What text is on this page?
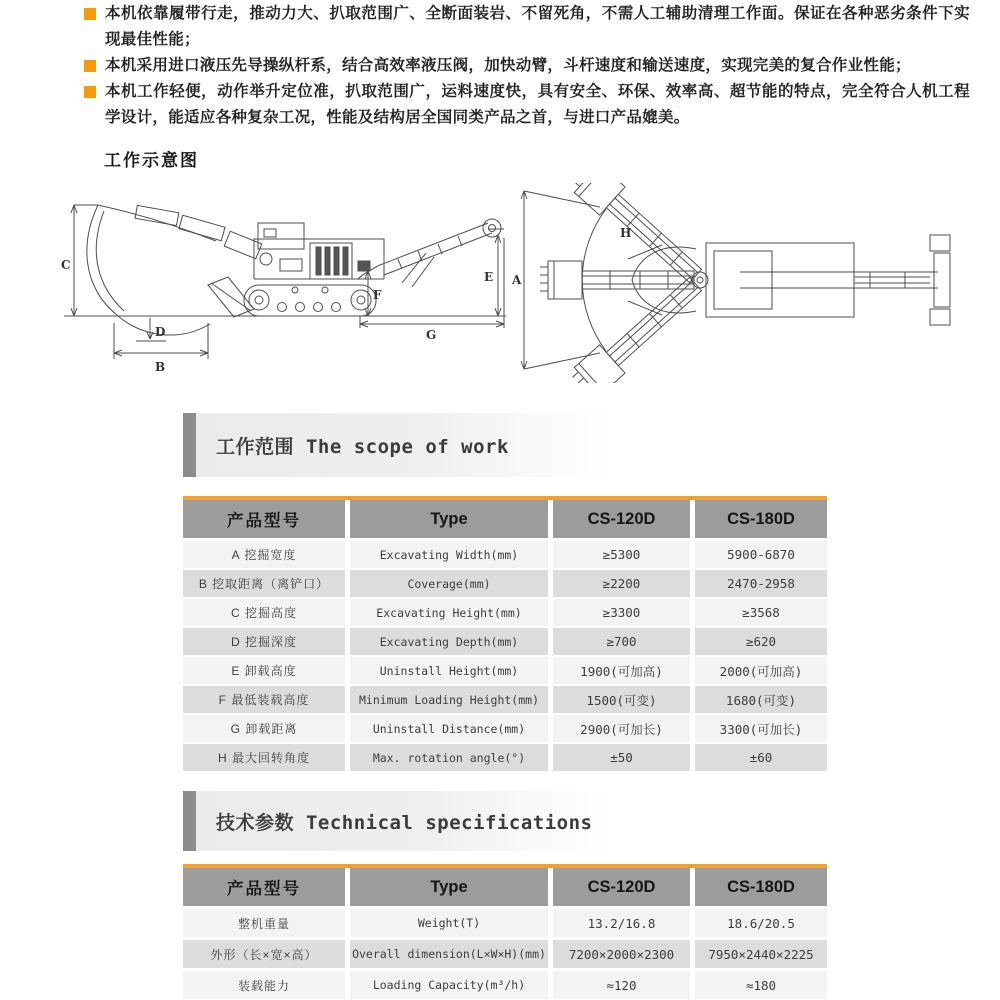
本机依靠履带行走，推动力大、扒取范围广、全断面装岩、不留死角，不需人工辅助清理工作面。保证在各种恶劣条件下实现最佳性能；
本机采用进口液压先导操纵杆系，结合高效率液压阀，加快动臂，斗杆速度和输送速度，实现完美的复合作业性能；
本机工作轻便，动作举升定位准，扒取范围广，运料速度快，具有安全、环保、效率高、超节能的特点，完全符合人机工程学设计，能适应各种复杂工况，性能及结构居全国同类产品之首，与进口产品媲美。
工作示意图
C
D
B
F
E
G
A
H
工作范围 The scope of work
产品型号	Type	CS-120D	CS-180D
A 挖掘宽度	Excavating Width(mm)	≥5300	5900-6870
B 挖取距离（离铲口）	Coverage(mm)	≥2200	2470-2958
C 挖掘高度	Excavating Height(mm)	≥3300	≥3568
D 挖掘深度	Excavating Depth(mm)	≥700	≥620
E 卸载高度	Uninstall Height(mm)	1900(可加高)	2000(可加高)
F 最低装载高度	Minimum Loading Height(mm)	1500(可变)	1680(可变)
G 卸载距离	Uninstall Distance(mm)	2900(可加长)	3300(可加长)
H 最大回转角度	Max. rotation angle(°)	±50	±60
技术参数 Technical specifications
产品型号	Type	CS-120D	CS-180D
整机重量	Weight(T)	13.2/16.8	18.6/20.5
外形（长×宽×高）	Overall dimension(L×W×H)(mm)	7200×2000×2300	7950×2440×2225
装载能力	Loading Capacity(m³/h)	≈120	≈180
